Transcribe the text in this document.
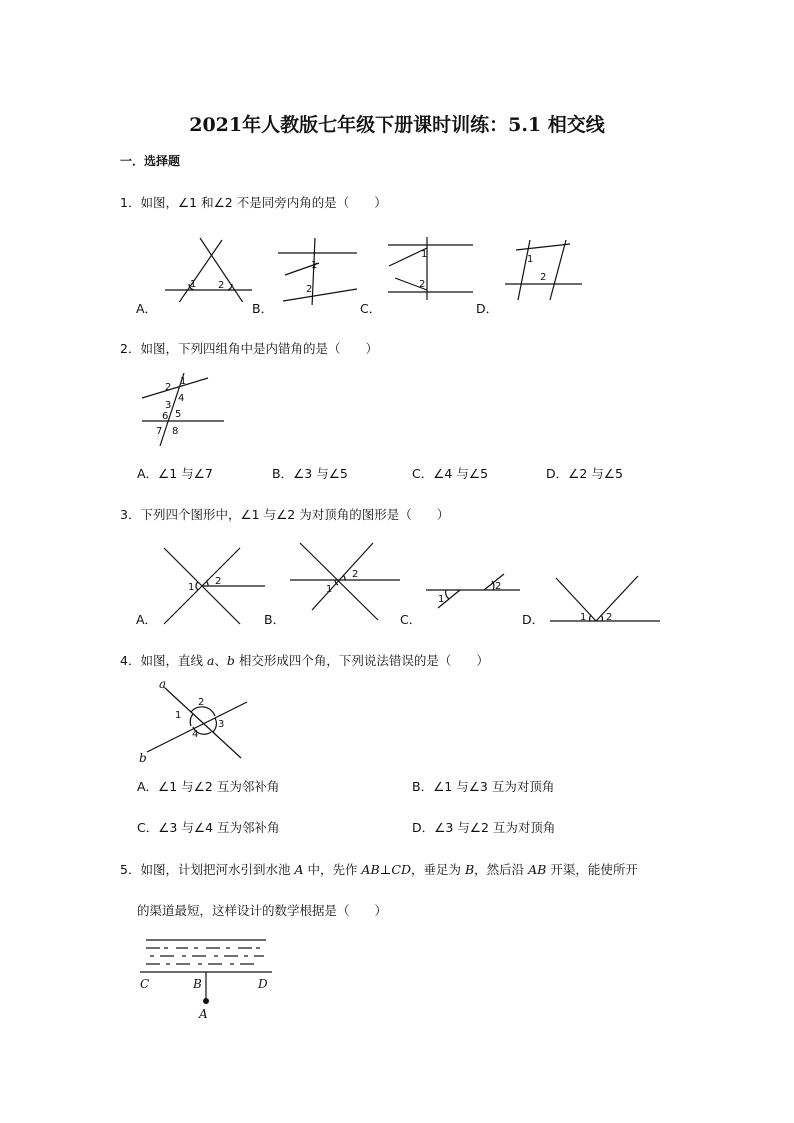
2021年人教版七年级下册课时训练：5.1 相交线
一．选择题
1．如图，∠1 和∠2 不是同旁内角的是（　　）
A．
1 2
B．
1
2
C．
1
2
D．
1
2
2．如图，下列四组角中是内错角的是（　　）
2
1
3
4
6 5
7 8
A．∠1 与∠7	B．∠3 与∠5	C．∠4 与∠5	D．∠2 与∠5
3．下列四个图形中，∠1 与∠2 为对顶角的图形是（　　）
A．
1
2
B．
1
2
C．
1
2
D．	1 2
4．如图，直线 a、b 相交形成四个角，下列说法错误的是（　　）
a
b
1
2
3
4
A．∠1 与∠2 互为邻补角	B．∠1 与∠3 互为对顶角
C．∠3 与∠4 互为邻补角	D．∠3 与∠2 互为对顶角
5．如图，计划把河水引到水池 A 中，先作 AB⊥CD，垂足为 B，然后沿 AB 开渠，能使所开
的渠道最短，这样设计的数学根据是（　　）
C	B	D
A
